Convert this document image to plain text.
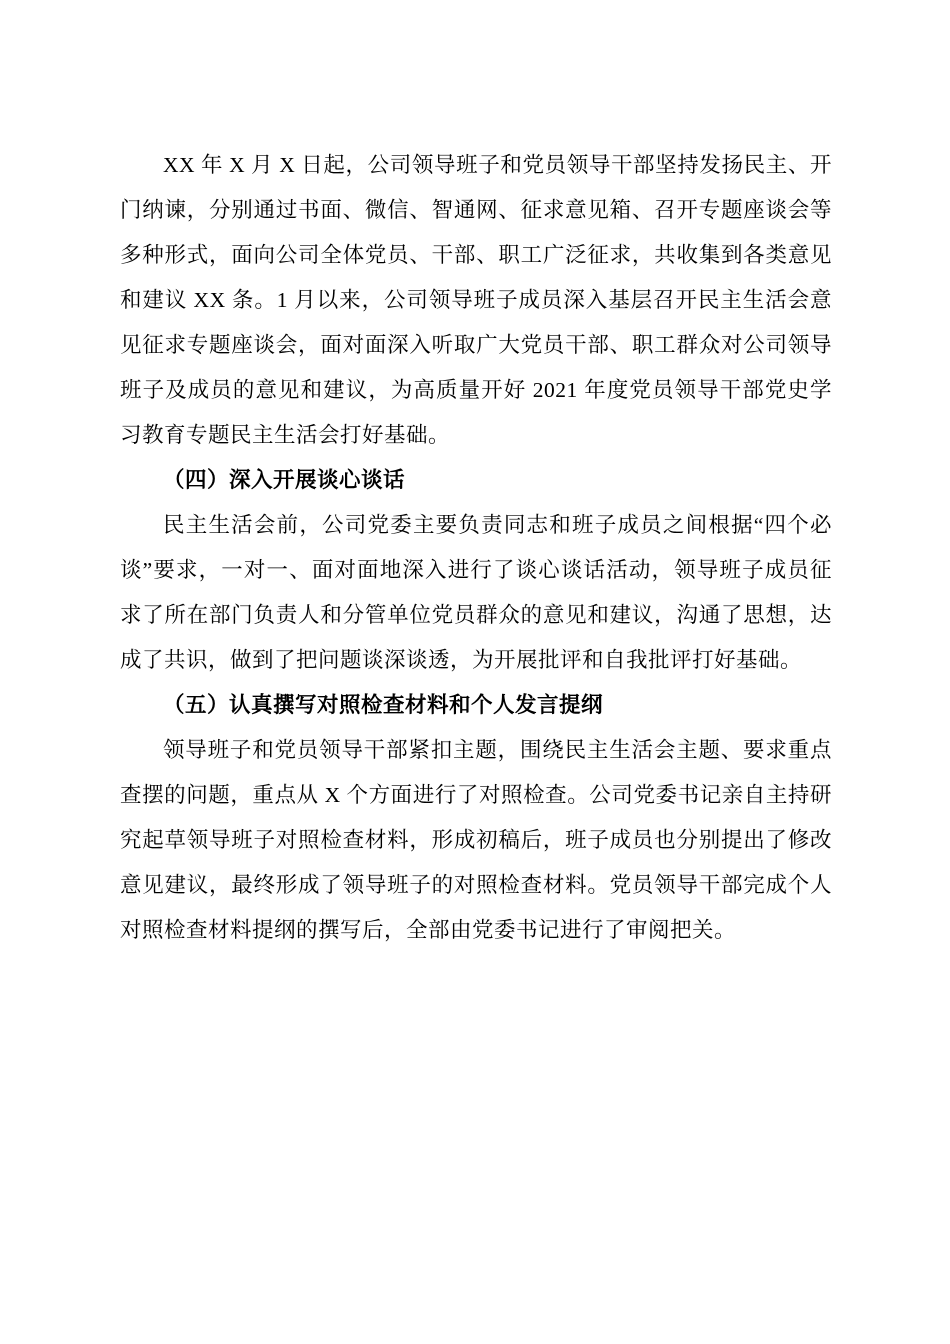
XX 年 X 月 X 日起，公司领导班子和党员领导干部坚持发扬民主、开门纳谏，分别通过书面、微信、智通网、征求意见箱、召开专题座谈会等多种形式，面向公司全体党员、干部、职工广泛征求，共收集到各类意见和建议 XX 条。1 月以来，公司领导班子成员深入基层召开民主生活会意见征求专题座谈会，面对面深入听取广大党员干部、职工群众对公司领导班子及成员的意见和建议，为高质量开好 2021 年度党员领导干部党史学习教育专题民主生活会打好基础。

（四）深入开展谈心谈话

民主生活会前，公司党委主要负责同志和班子成员之间根据“四个必谈”要求，一对一、面对面地深入进行了谈心谈话活动，领导班子成员征求了所在部门负责人和分管单位党员群众的意见和建议，沟通了思想，达成了共识，做到了把问题谈深谈透，为开展批评和自我批评打好基础。

（五）认真撰写对照检查材料和个人发言提纲

领导班子和党员领导干部紧扣主题，围绕民主生活会主题、要求重点查摆的问题，重点从 X 个方面进行了对照检查。公司党委书记亲自主持研究起草领导班子对照检查材料，形成初稿后，班子成员也分别提出了修改意见建议，最终形成了领导班子的对照检查材料。党员领导干部完成个人对照检查材料提纲的撰写后，全部由党委书记进行了审阅把关。
